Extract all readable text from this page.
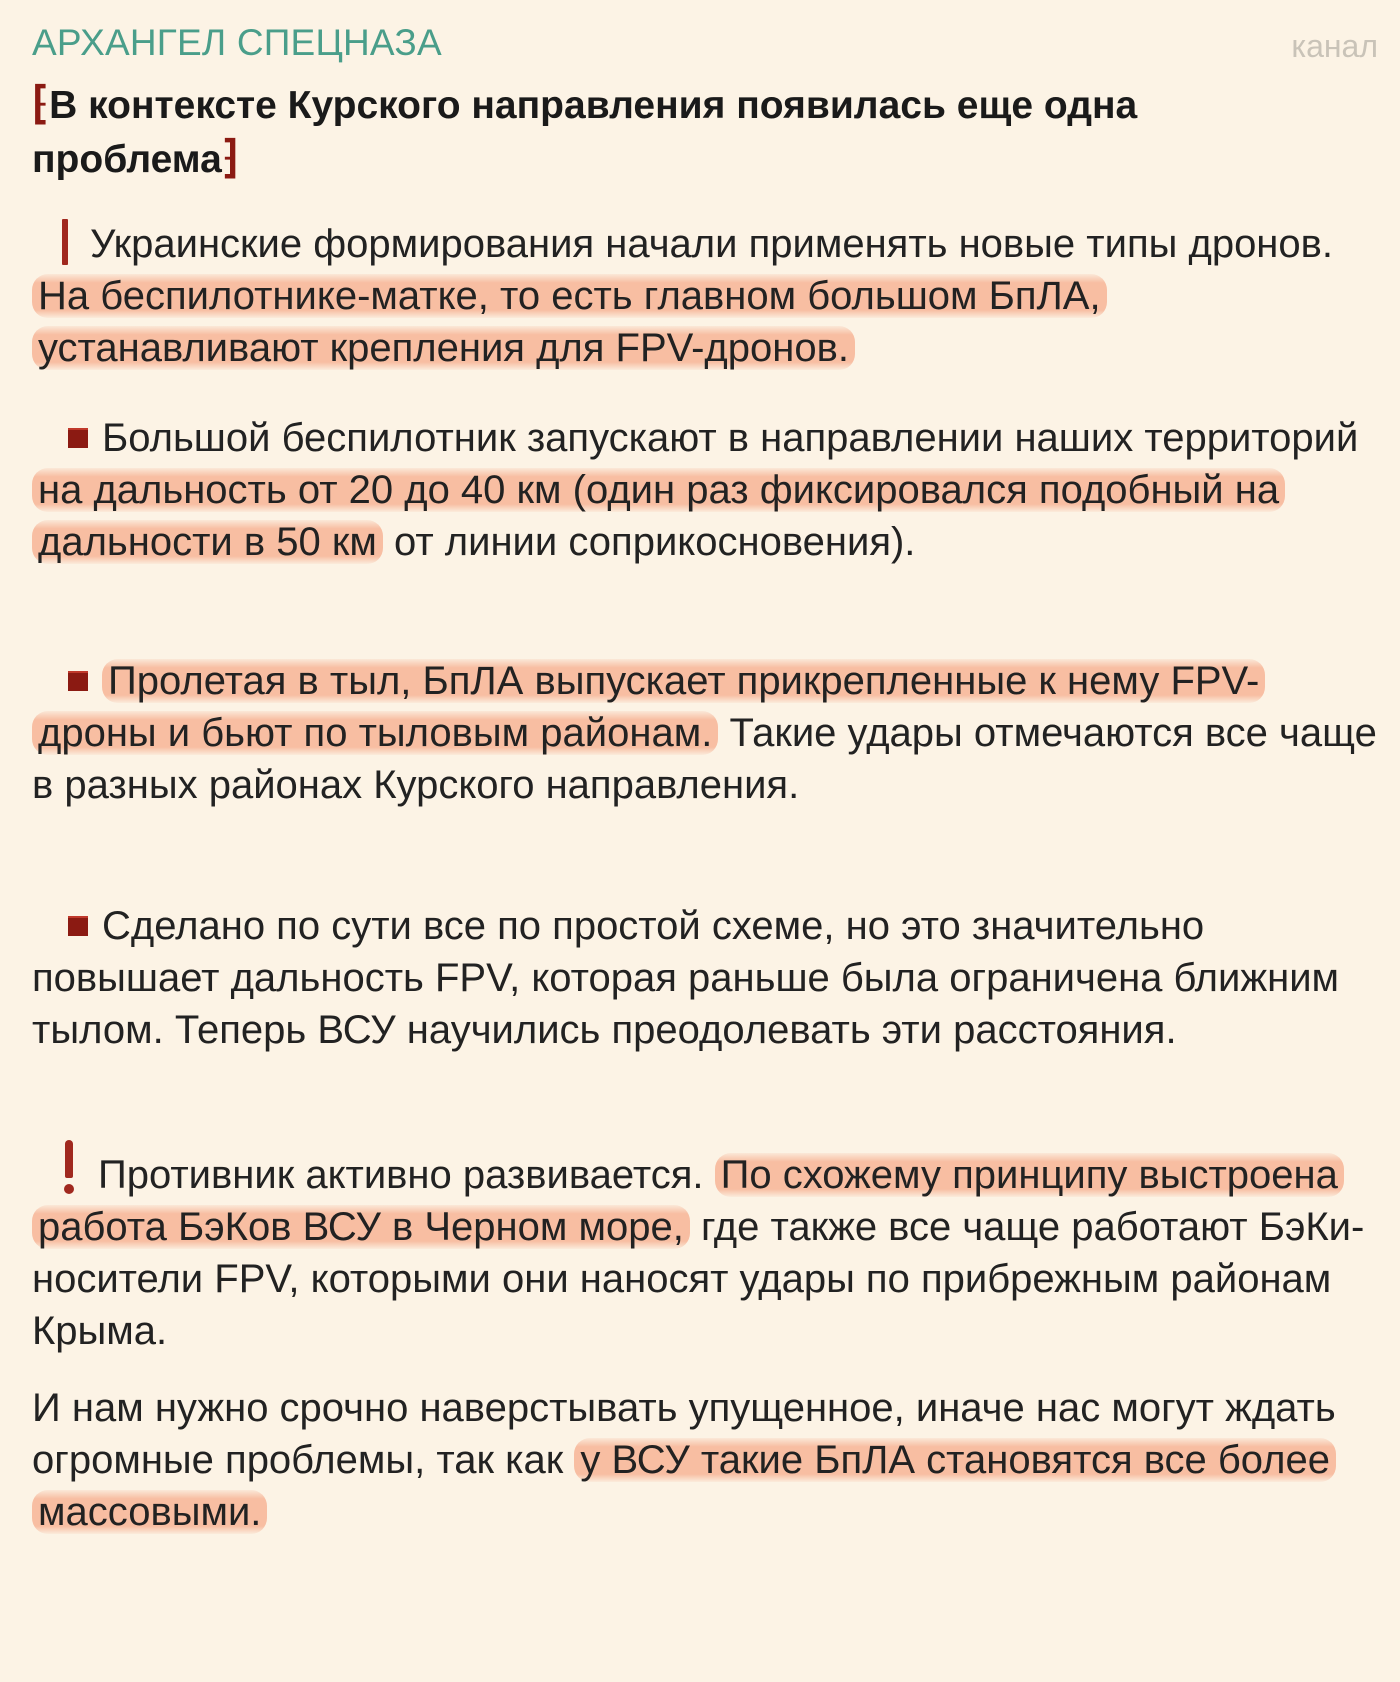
АРХАНГЕЛ СПЕЦНАЗА	канал
⁅В контексте Курского направления появилась еще одна проблема⁆
Украинские формирования начали применять новые типы дронов. На беспилотнике-матке, то есть главном большом БпЛА, устанавливают крепления для FPV-дронов.
Большой беспилотник запускают в направлении наших территорий на дальность от 20 до 40 км (один раз фиксировался подобный на дальности в 50 км от линии соприкосновения).
Пролетая в тыл, БпЛА выпускает прикрепленные к нему FPV-дроны и бьют по тыловым районам. Такие удары отмечаются все чаще в разных районах Курского направления.
Сделано по сути все по простой схеме, но это значительно повышает дальность FPV, которая раньше была ограничена ближним тылом. Теперь ВСУ научились преодолевать эти расстояния.
Противник активно развивается. По схожему принципу выстроена работа БэКов ВСУ в Черном море, где также все чаще работают БэКи-носители FPV, которыми они наносят удары по прибрежным районам Крыма.
И нам нужно срочно наверстывать упущенное, иначе нас могут ждать огромные проблемы, так как у ВСУ такие БпЛА становятся все более массовыми.
